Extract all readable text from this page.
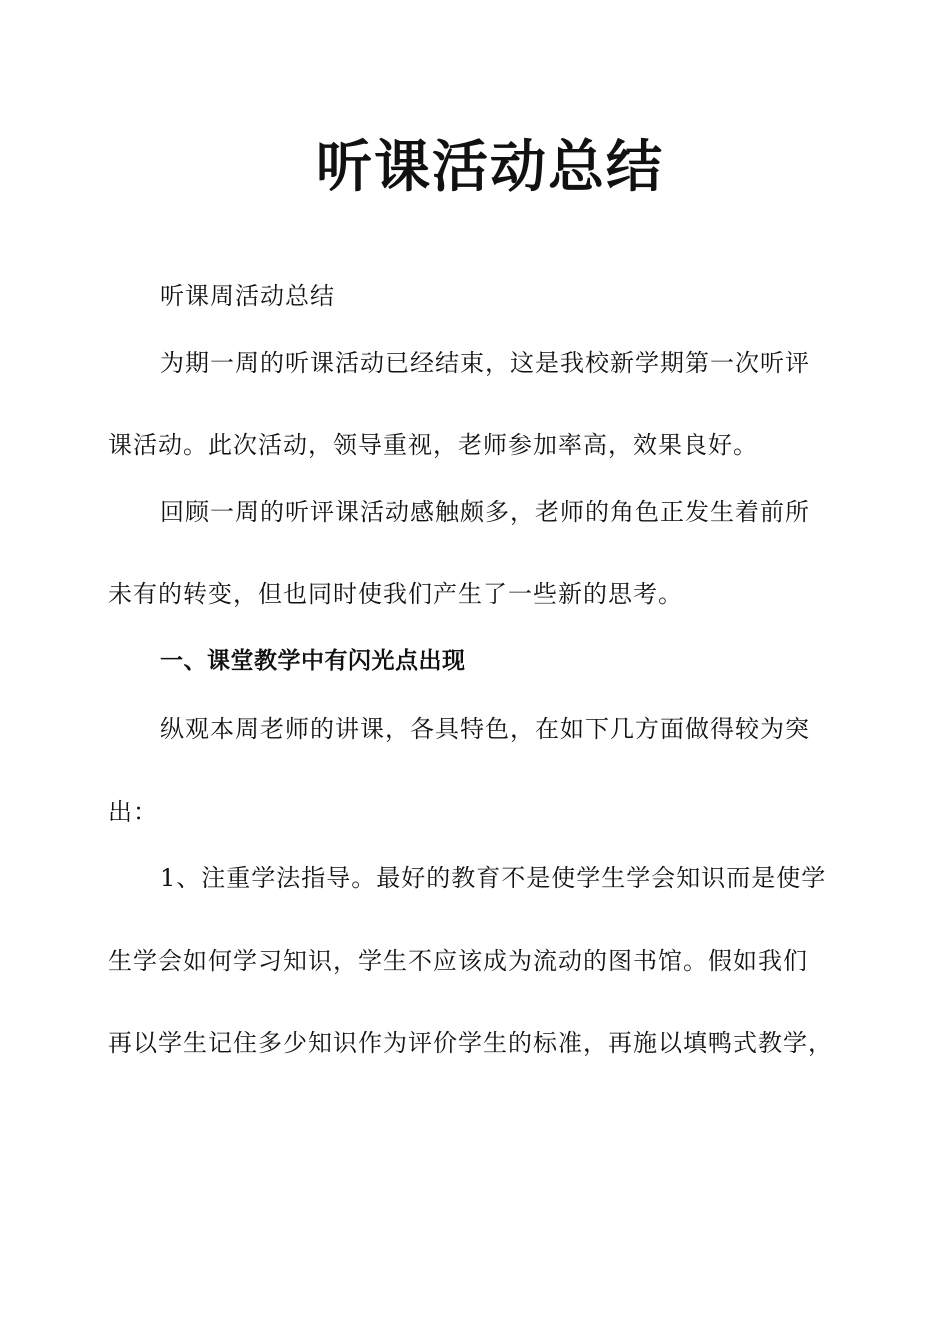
听课活动总结
听课周活动总结
为期一周的听课活动已经结束，这是我校新学期第一次听评
课活动。此次活动，领导重视，老师参加率高，效果良好。
回顾一周的听评课活动感触颇多，老师的角色正发生着前所
未有的转变，但也同时使我们产生了一些新的思考。
一、课堂教学中有闪光点出现
纵观本周老师的讲课，各具特色，在如下几方面做得较为突
出：
1、注重学法指导。最好的教育不是使学生学会知识而是使学
生学会如何学习知识，学生不应该成为流动的图书馆。假如我们
再以学生记住多少知识作为评价学生的标准，再施以填鸭式教学，
